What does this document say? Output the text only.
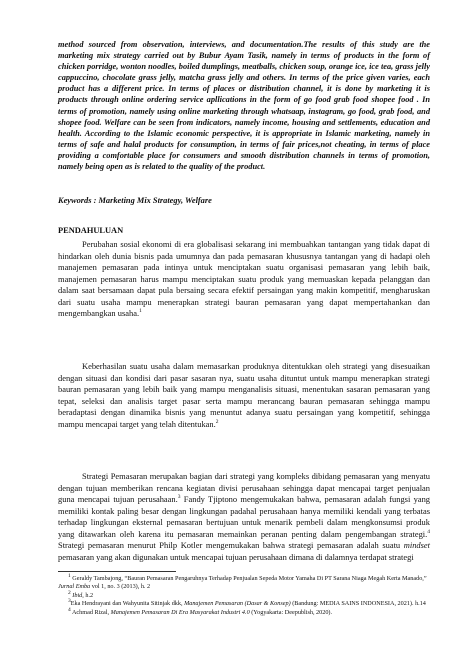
method sourced from observation, interviews, and documentation.The results of this study are the marketing mix strategy carried out by Bubur Ayam Tasik, namely in terms of products in the form of chicken porridge, wonton noodles, boiled dumplings, meatballs, chicken soup, orange ice, ice tea, grass jelly cappuccino, chocolate grass jelly, matcha grass jelly and others. In terms of the price given varies, each product has a different price. In terms of places or distribution channel, it is done by marketing it is products through online ordering service apllications in the form of go food grab food shopee food . In terms of promotion, namely using online marketing through whatsaap, instagram, go food, grab food, and shopee food. Welfare can be seen from indicators, namely income, housing and settlements, education and health. According to the Islamic economic perspective, it is appropriate in Islamic marketing, namely in terms of safe and halal products for consumption, in terms of fair prices,not cheating, in terms of place providing a comfortable place for consumers and smooth distribution channels in terms of promotion, namely being open as is related to the quality of the product.

Keywords : Marketing Mix Strategy, Welfare

PENDAHULUAN

Perubahan sosial ekonomi di era globalisasi sekarang ini membuahkan tantangan yang tidak dapat di hindarkan oleh dunia bisnis pada umumnya dan pada pemasaran khususnya tantangan yang di hadapi oleh manajemen pemasaran pada intinya untuk menciptakan suatu organisasi pemasaran yang lebih baik, manajemen pemasaran harus mampu menciptakan suatu produk yang memuaskan kepada pelanggan dan dalam saat bersamaan dapat pula bersaing secara efektif persaingan yang makin kompetitif, mengharuskan dari suatu usaha mampu menerapkan strategi bauran pemasaran yang dapat mempertahankan dan mengembangkan usaha.$^1$

Keberhasilan suatu usaha dalam memasarkan produknya ditentukkan oleh strategi yang disesuaikan dengan situasi dan kondisi dari pasar sasaran nya, suatu usaha dituntut untuk mampu menerapkan strategi bauran pemasaran yang lebih baik yang mampu menganalisis situasi, menentukan sasaran pemasaran yang tepat, seleksi dan analisis target pasar serta mampu merancang bauran pemasaran sehingga mampu beradaptasi dengan dinamika bisnis yang menuntut adanya suatu persaingan yang kompetitif, sehingga mampu mencapai target yang telah ditentukan.$^2$

Strategi Pemasaran merupakan bagian dari strategi yang kompleks dibidang pemasaran yang menyatu dengan tujuan memberikan rencana kegiatan divisi perusahaan sehingga dapat mencapai target penjualan guna mencapai tujuan perusahaan.$^3$ Fandy Tjiptono mengemukakan bahwa, pemasaran adalah fungsi yang memiliki kontak paling besar dengan lingkungan padahal perusahaan hanya memiliki kendali yang terbatas terhadap lingkungan eksternal pemasaran bertujuan untuk menarik pembeli dalam mengkonsumsi produk yang ditawarkan oleh karena itu pemasaran memainkan peranan penting dalam pengembangan strategi.$^4$ Strategi pemasaran menurut Philp Kotler mengemukakan bahwa strategi pemasaran adalah suatu mindset pemasaran yang akan digunakan untuk mencapai tujuan perusahaan dimana di dalamnya terdapat strategi

$^1$ Geraldy Tambajong, “Bauran Pemasaran Pengaruhnya Terhadap Penjualan Sepeda Motor Yamaha Di PT Sarana Niaga Megah Kerta Manado,” Jurnal Emba vol 1, no. 3 (2013), h. 2

$^2$ Ibid, h.2

$^3$Eka Hendrayani dan Wahyunita Sitinjak dkk, Manajemen Pemasaran (Dasar & Konsep) (Bandung: MEDIA SAINS INDONESIA, 2021). h.14

$^4$ Achmad Rizal, Manajemen Pemasaran Di Era Masyarakat Industri 4.0 (Yogyakarta: Deepublish, 2020).
